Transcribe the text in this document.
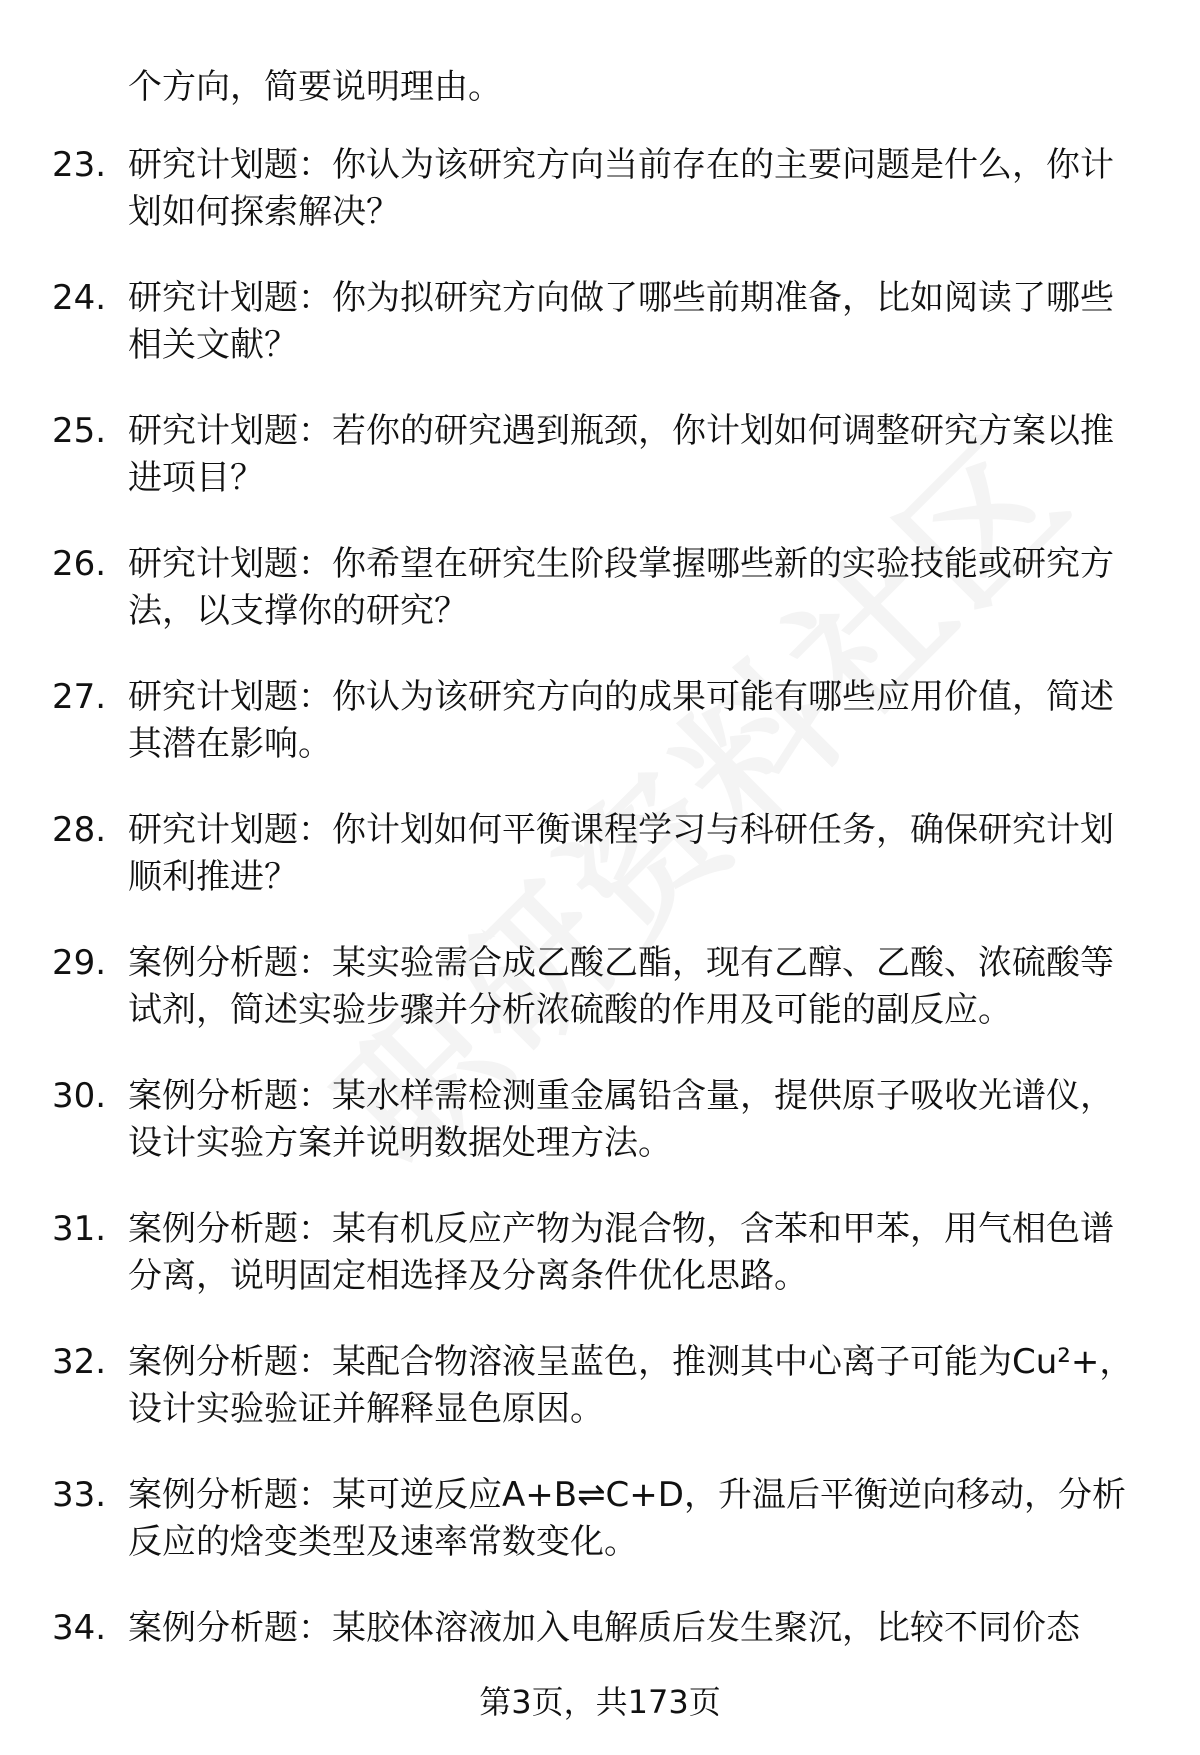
个方向，简要说明理由。
23. 研究计划题：你认为该研究方向当前存在的主要问题是什么，你计划如何探索解决？
24. 研究计划题：你为拟研究方向做了哪些前期准备，比如阅读了哪些相关文献？
25. 研究计划题：若你的研究遇到瓶颈，你计划如何调整研究方案以推进项目？
26. 研究计划题：你希望在研究生阶段掌握哪些新的实验技能或研究方法，以支撑你的研究？
27. 研究计划题：你认为该研究方向的成果可能有哪些应用价值，简述其潜在影响。
28. 研究计划题：你计划如何平衡课程学习与科研任务，确保研究计划顺利推进？
29. 案例分析题：某实验需合成乙酸乙酯，现有乙醇、乙酸、浓硫酸等试剂，简述实验步骤并分析浓硫酸的作用及可能的副反应。
30. 案例分析题：某水样需检测重金属铅含量，提供原子吸收光谱仪，设计实验方案并说明数据处理方法。
31. 案例分析题：某有机反应产物为混合物，含苯和甲苯，用气相色谱分离，说明固定相选择及分离条件优化思路。
32. 案例分析题：某配合物溶液呈蓝色，推测其中心离子可能为Cu²+，设计实验验证并解释显色原因。
33. 案例分析题：某可逆反应A+B⇌C+D，升温后平衡逆向移动，分析反应的焓变类型及速率常数变化。
34. 案例分析题：某胶体溶液加入电解质后发生聚沉，比较不同价态
第3页，共173页
